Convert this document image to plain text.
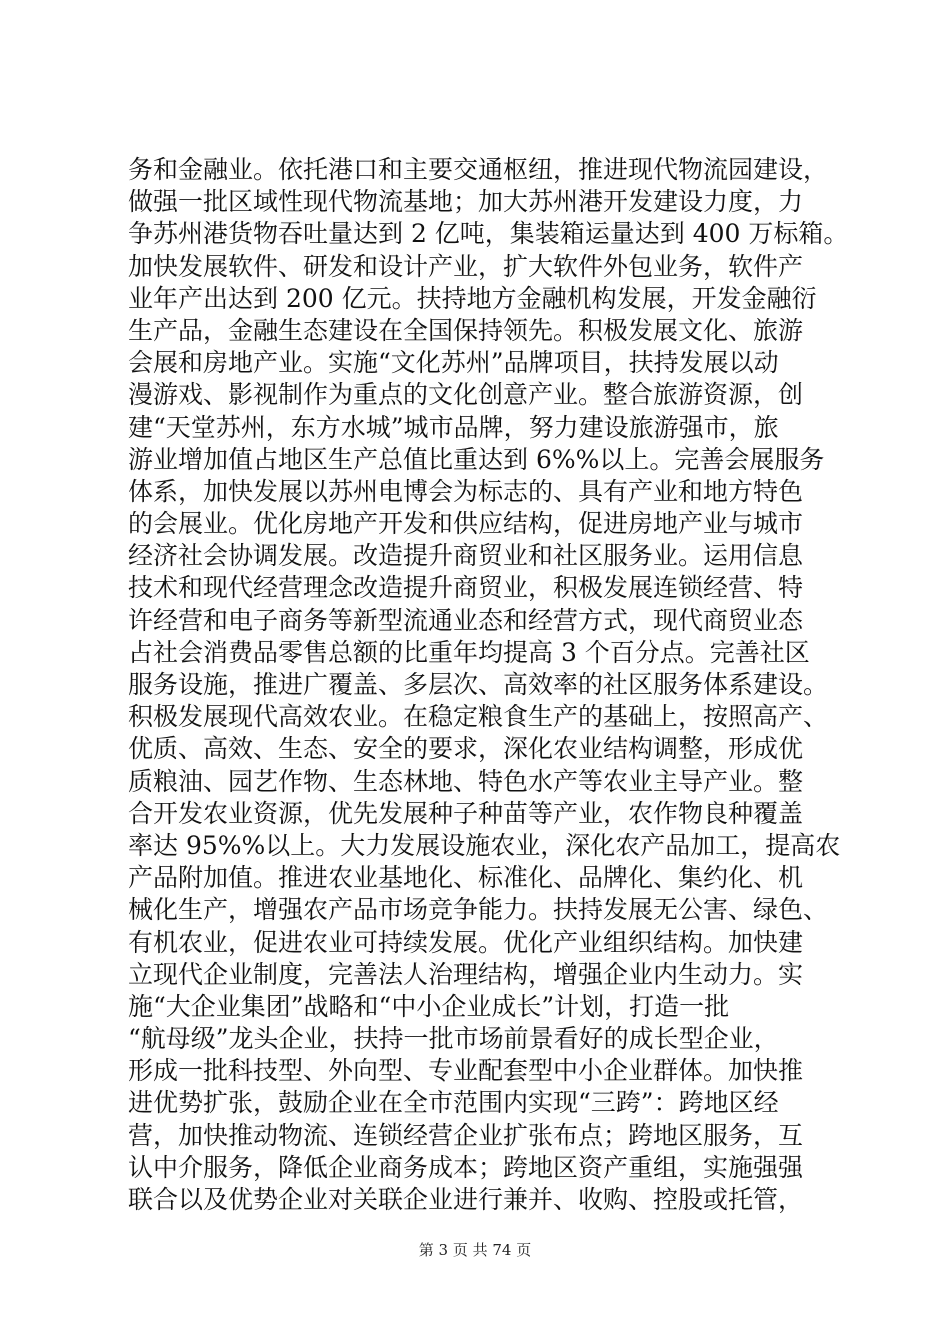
务和金融业。依托港口和主要交通枢纽，推进现代物流园建设，
做强一批区域性现代物流基地；加大苏州港开发建设力度，力
争苏州港货物吞吐量达到 2 亿吨，集装箱运量达到 400 万标箱。
加快发展软件、研发和设计产业，扩大软件外包业务，软件产
业年产出达到 200 亿元。扶持地方金融机构发展，开发金融衍
生产品，金融生态建设在全国保持领先。积极发展文化、旅游
会展和房地产业。实施“文化苏州”品牌项目，扶持发展以动
漫游戏、影视制作为重点的文化创意产业。整合旅游资源，创
建“天堂苏州，东方水城”城市品牌，努力建设旅游强市，旅
游业增加值占地区生产总值比重达到 6%%以上。完善会展服务
体系，加快发展以苏州电博会为标志的、具有产业和地方特色
的会展业。优化房地产开发和供应结构，促进房地产业与城市
经济社会协调发展。改造提升商贸业和社区服务业。运用信息
技术和现代经营理念改造提升商贸业，积极发展连锁经营、特
许经营和电子商务等新型流通业态和经营方式，现代商贸业态
占社会消费品零售总额的比重年均提高 3 个百分点。完善社区
服务设施，推进广覆盖、多层次、高效率的社区服务体系建设。
积极发展现代高效农业。在稳定粮食生产的基础上，按照高产、
优质、高效、生态、安全的要求，深化农业结构调整，形成优
质粮油、园艺作物、生态林地、特色水产等农业主导产业。整
合开发农业资源，优先发展种子种苗等产业，农作物良种覆盖
率达 95%%以上。大力发展设施农业，深化农产品加工，提高农
产品附加值。推进农业基地化、标准化、品牌化、集约化、机
械化生产，增强农产品市场竞争能力。扶持发展无公害、绿色、
有机农业，促进农业可持续发展。优化产业组织结构。加快建
立现代企业制度，完善法人治理结构，增强企业内生动力。实
施“大企业集团”战略和“中小企业成长”计划，打造一批
“航母级”龙头企业，扶持一批市场前景看好的成长型企业，
形成一批科技型、外向型、专业配套型中小企业群体。加快推
进优势扩张，鼓励企业在全市范围内实现“三跨”：跨地区经
营，加快推动物流、连锁经营企业扩张布点；跨地区服务，互
认中介服务，降低企业商务成本；跨地区资产重组，实施强强
联合以及优势企业对关联企业进行兼并、收购、控股或托管，
第 3 页 共 74 页
